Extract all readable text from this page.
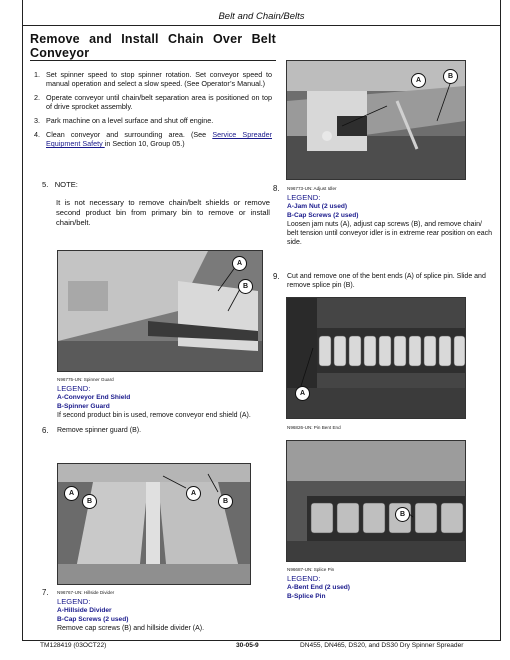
Belt and Chain/Belts
Remove and Install Chain Over Belt Conveyor
1. Set spinner speed to stop spinner rotation. Set conveyor speed to manual operation and select a slow speed. (See Operator’s Manual.)
2. Operate conveyor until chain/belt separation area is positioned on top of drive sprocket assembly.
3. Park machine on a level surface and shut off engine.
4. Clean conveyor and surrounding area. (See Service Spreader Equipment Safety in Section 10, Group 05.)
5. NOTE:
It is not necessary to remove chain/belt shields or remove second product bin from primary bin to remove or install chain/belt.
A
B
8. N96773-UN: Adjust Idler
LEGEND:
A-Jam Nut (2 used)
B-Cap Screws (2 used)
Loosen jam nuts (A), adjust cap screws (B), and remove chain/ belt tension until conveyor idler is in extreme rear position on each side.
A
B
N96775-UN: Spinner Guard
LEGEND:
A-Conveyor End Shield
B-Spinner Guard
If second product bin is used, remove conveyor end shield (A).
6. Remove spinner guard (B).
9. Cut and remove one of the bent ends (A) of splice pin. Slide and remove splice pin (B).
A
N96826-UN: Pin Bent End
A
B
A
B
7. N96767-UN: Hillside Divider
LEGEND:
A-Hillside Divider
B-Cap Screws (2 used)
Remove cap screws (B) and hillside divider (A).
B
N96687-UN: Splice Pin
LEGEND:
A-Bent End (2 used)
B-Splice Pin
TM128419 (03OCT22)	30-05-9	DN455, DN465, DS20, and DS30 Dry Spinner Spreader
